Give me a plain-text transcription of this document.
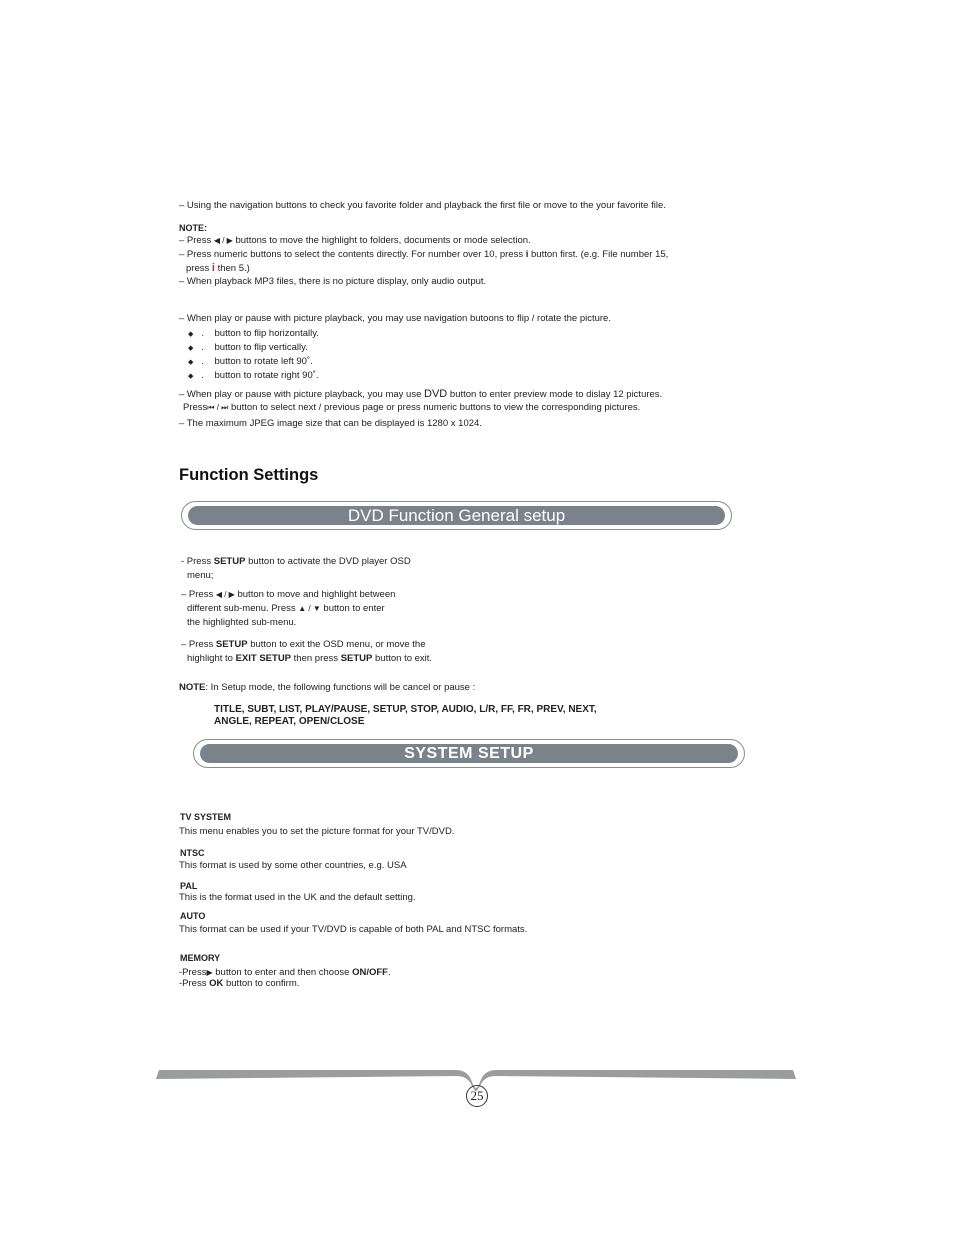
– Using the navigation buttons to check you favorite folder and playback the first file or move to the your favorite file.
NOTE:
– Press ◀ / ▶ buttons to move the highlight to folders, documents or mode selection.
– Press numeric buttons to select the contents directly. For number over 10, press i button first. (e.g. File number 15,
press i then 5.)
– When playback MP3 files, there is no picture display, only audio output.
– When play or pause with picture playback, you may use navigation butoons to flip / rotate the picture.
◆ . button to flip horizontally.
◆ . button to flip vertically.
◆ . button to rotate left 90˚.
◆ . button to rotate right 90˚.
– When play or pause with picture playback, you may use DVD button to enter preview mode to dislay 12 pictures.
Press⏮ / ⏭ button to select next / previous page or press numeric buttons to view the corresponding pictures.
– The maximum JPEG image size that can be displayed is 1280 x 1024.
Function Settings
DVD Function General setup
- Press SETUP button to activate the DVD player OSD
menu;
– Press ◀ / ▶ button to move and highlight between
different sub-menu. Press ▲ / ▼ button to enter
the highlighted sub-menu.
– Press SETUP button to exit the OSD menu, or move the
highlight to EXIT SETUP then press SETUP button to exit.
NOTE: In Setup mode, the following functions will be cancel or pause :
TITLE, SUBT, LIST, PLAY/PAUSE, SETUP, STOP, AUDIO, L/R, FF, FR, PREV, NEXT,
ANGLE, REPEAT, OPEN/CLOSE
SYSTEM SETUP
TV SYSTEM
This menu enables you to set the picture format for your TV/DVD.
NTSC
This format is used by some other countries, e.g. USA
PAL
This is the format used in the UK and the default setting.
AUTO
This format can be used if your TV/DVD is capable of both PAL and NTSC formats.
MEMORY
-Press▶ button to enter and then choose ON/OFF.
-Press OK button to confirm.
25
